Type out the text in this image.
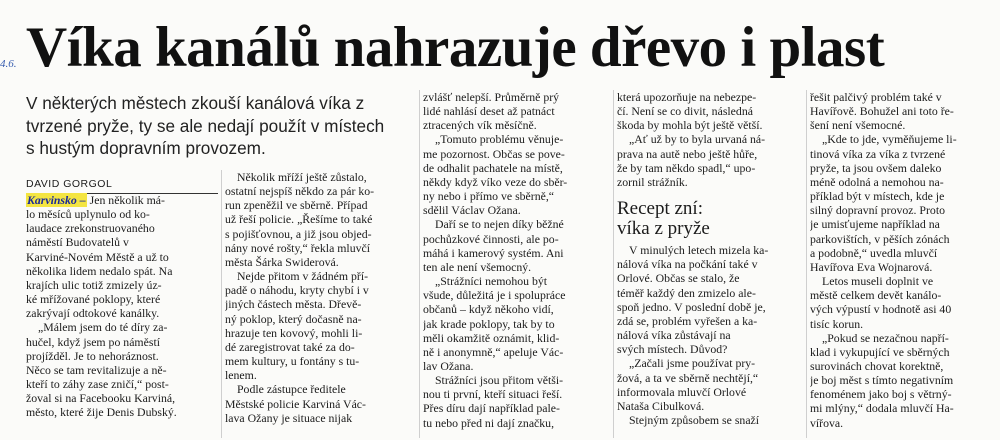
4.6. Víka kanálů nahrazuje dřevo i plast
V některých městech zkouší kanálová víka z tvrzené pryže, ty se ale nedají použít v místech s hustým dopravním provozem.
DAVID GORGOL
Karvinsko – Jen několik má-
lo měsíců uplynulo od ko-
laudace zrekonstruovaného
náměstí Budovatelů v
Karviné-Novém Městě a už to
několika lidem nedalo spát. Na
krajích ulic totiž zmizely úz-
ké mřížované poklopy, které
zakrývají odtokové kanálky.
„Málem jsem do té díry za-
hučel, když jsem po náměstí
projížděl. Je to nehoráznost.
Něco se tam revitalizuje a ně-
kteří to záhy zase zničí,“ post-
žoval si na Facebooku Karviná,
město, které žije Denis Dubský.
Několik mříží ještě zůstalo,
ostatní nejspíš někdo za pár ko-
run zpeněžil ve sběrně. Případ
už řeší policie. „Řešíme to také
s pojišťovnou, a již jsou objed-
nány nové rošty,“ řekla mluvčí
města Šárka Swiderová.
Nejde přitom v žádném pří-
padě o náhodu, kryty chybí i v
jiných částech města. Dřevě-
ný poklop, který dočasně na-
hrazuje ten kovový, mohli li-
dé zaregistrovat také za do-
mem kultury, u fontány s tu-
lenem.
Podle zástupce ředitele
Městské policie Karviná Vác-
lava Ožany je situace nijak
zvlášť nelepší. Průměrně prý
lidé nahlásí deset až patnáct
ztracených vík měsíčně.
„Tomuto problému věnuje-
me pozornost. Občas se pove-
de odhalit pachatele na místě,
někdy když víko veze do sběr-
ny nebo i přímo ve sběrně,“
sdělil Václav Ožana.
Daří se to nejen díky běžné
pochůzkové činnosti, ale po-
máhá i kamerový systém. Ani
ten ale není všemocný.
„Strážníci nemohou být
všude, důležitá je i spolupráce
občanů – když někoho vidí,
jak krade poklopy, tak by to
měli okamžitě oznámit, klid-
ně i anonymně,“ apeluje Vác-
lav Ožana.
Strážníci jsou přitom větši-
nou ti první, kteří situaci řeší.
Přes díru dají například pale-
tu nebo před ni dají značku,
která upozorňuje na nebezpe-
čí. Není se co divit, následná
škoda by mohla být ještě větší.
„Ať už by to byla urvaná ná-
prava na autě nebo ještě hůře,
že by tam někdo spadl,“ upo-
zornil strážník.
Recept zní:
víka z pryže
V minulých letech mizela ka-
nálová víka na počkání také v
Orlové. Občas se stalo, že
téměř každý den zmizelo ale-
spoň jedno. V poslední době je,
zdá se, problém vyřešen a ka-
nálová víka zůstávají na
svých místech. Důvod?
„Začali jsme používat pry-
žová, a ta ve sběrně nechtějí,“
informovala mluvčí Orlové
Nataša Cibulková.
Stejným způsobem se snaží
řešit palčivý problém také v
Havířově. Bohužel ani toto ře-
šení není všemocné.
„Kde to jde, vyměňujeme li-
tinová víka za víka z tvrzené
pryže, ta jsou ovšem daleko
méně odolná a nemohou na-
příklad být v místech, kde je
silný dopravní provoz. Proto
je umisťujeme například na
parkovištích, v pěších zónách
a podobně,“ uvedla mluvčí
Havířova Eva Wojnarová.
Letos museli doplnit ve
městě celkem devět kanálo-
vých výpustí v hodnotě asi 40
tisíc korun.
„Pokud se nezačnou napří-
klad i vykupující ve sběrných
surovinách chovat korektně,
je boj měst s tímto negativním
fenoménem jako boj s větrný-
mi mlýny,“ dodala mluvčí Ha-
vířova.
